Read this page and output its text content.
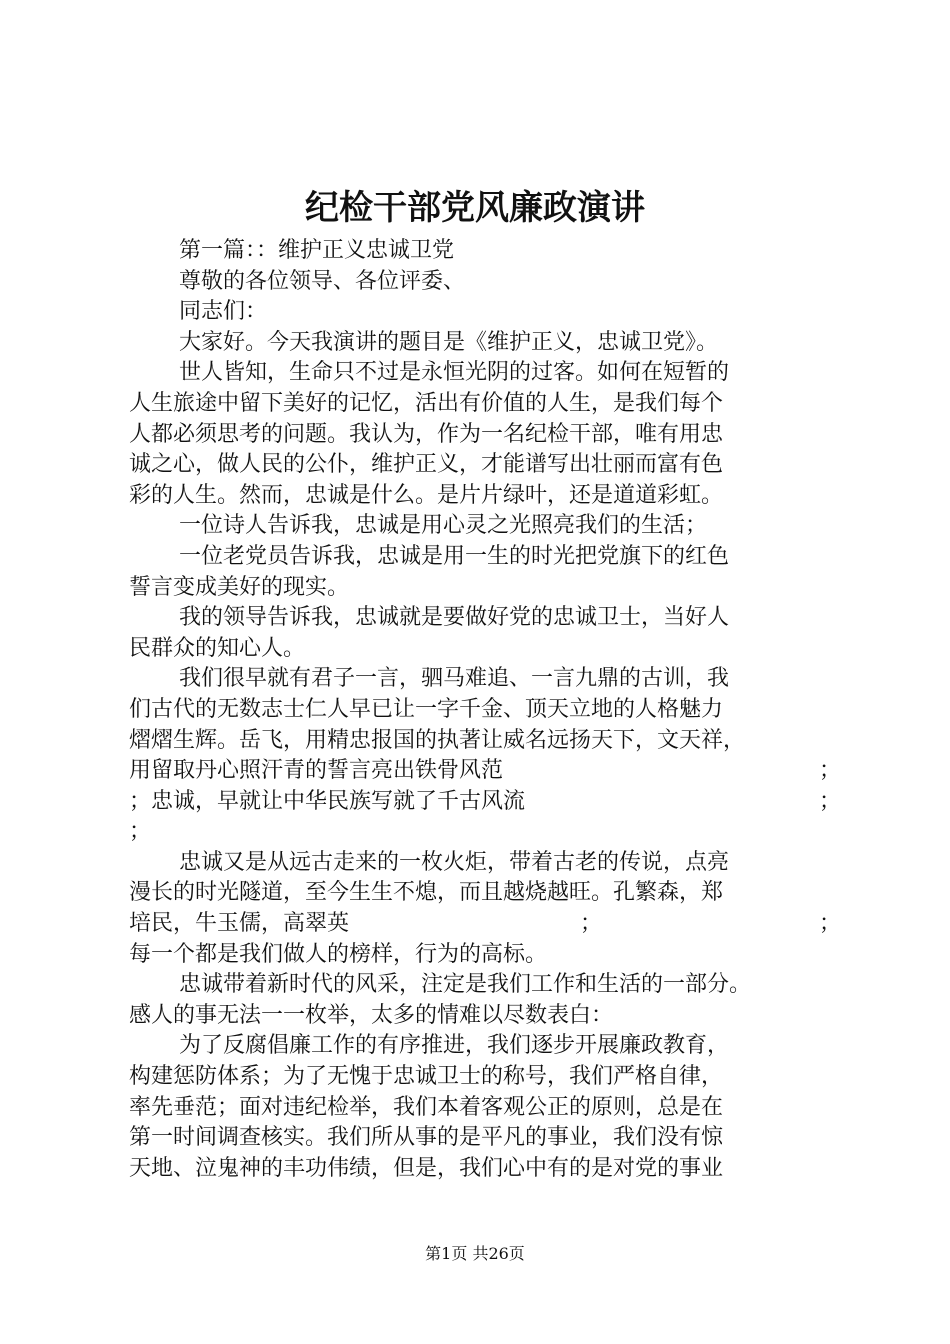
纪检干部党风廉政演讲
第一篇：：维护正义忠诚卫党
尊敬的各位领导、各位评委、
同志们：
大家好。今天我演讲的题目是《维护正义，忠诚卫党》。
世人皆知，生命只不过是永恒光阴的过客。如何在短暂的
人生旅途中留下美好的记忆，活出有价值的人生，是我们每个
人都必须思考的问题。我认为，作为一名纪检干部，唯有用忠
诚之心，做人民的公仆，维护正义，才能谱写出壮丽而富有色
彩的人生。然而，忠诚是什么。是片片绿叶，还是道道彩虹。
一位诗人告诉我，忠诚是用心灵之光照亮我们的生活；
一位老党员告诉我，忠诚是用一生的时光把党旗下的红色
誓言变成美好的现实。
我的领导告诉我，忠诚就是要做好党的忠诚卫士，当好人
民群众的知心人。
我们很早就有君子一言，驷马难追、一言九鼎的古训，我
们古代的无数志士仁人早已让一字千金、顶天立地的人格魅力
熠熠生辉。岳飞，用精忠报国的执著让威名远扬天下，文天祥，
用留取丹心照汗青的誓言亮出铁骨风范	；
；忠诚，早就让中华民族写就了千古风流	；
；
忠诚又是从远古走来的一枚火炬，带着古老的传说，点亮
漫长的时光隧道，至今生生不熄，而且越烧越旺。孔繁森，郑
培民，牛玉儒，高翠英	；	；
每一个都是我们做人的榜样，行为的高标。
忠诚带着新时代的风采，注定是我们工作和生活的一部分。
感人的事无法一一枚举，太多的情难以尽数表白：
为了反腐倡廉工作的有序推进，我们逐步开展廉政教育，
构建惩防体系；为了无愧于忠诚卫士的称号，我们严格自律，
率先垂范；面对违纪检举，我们本着客观公正的原则，总是在
第一时间调查核实。我们所从事的是平凡的事业，我们没有惊
天地、泣鬼神的丰功伟绩，但是，我们心中有的是对党的事业
第1页 共26页
